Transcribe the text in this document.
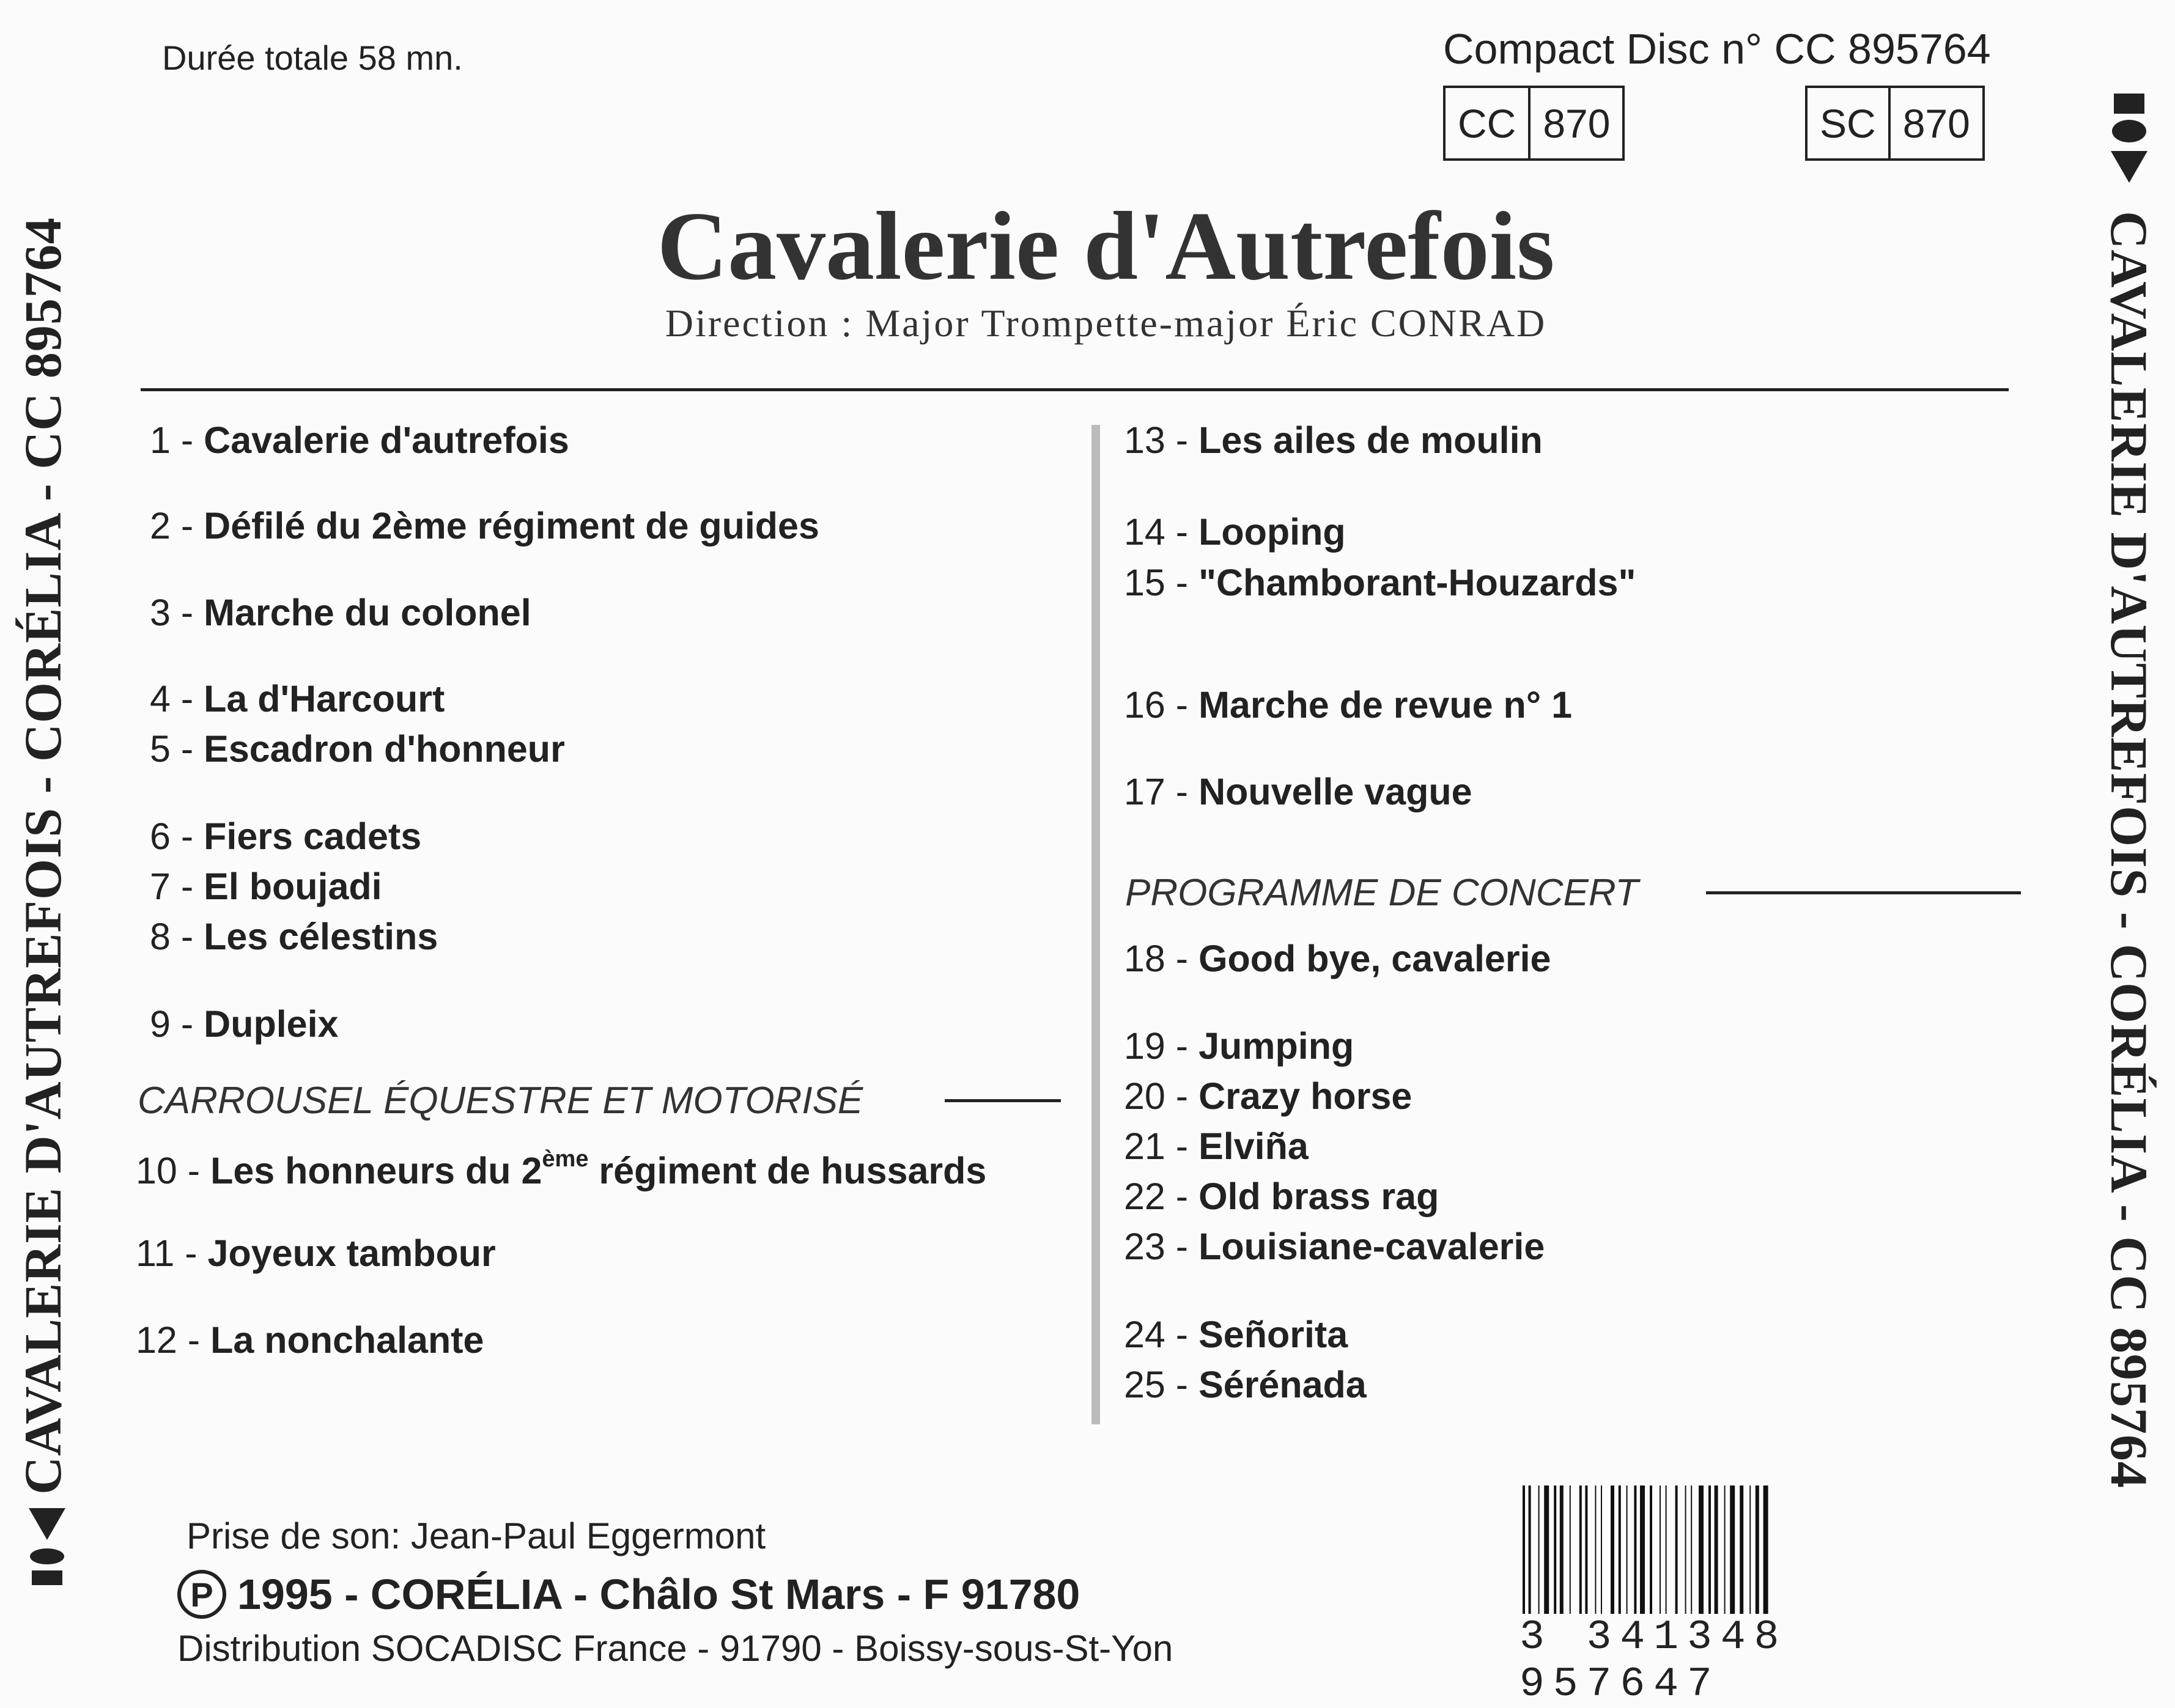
CAVALERIE D'AUTREFOIS - CORÉLIA - CC 895764	CAVALERIE D'AUTREFOIS - CORÉLIA - CC 895764
Durée totale 58 mn.	Compact Disc n° CC 895764
CC 870	SC 870
Cavalerie d'Autrefois
Direction : Major Trompette-major Éric CONRAD
1 - Cavalerie d'autrefois
2 - Défilé du 2ème régiment de guides
3 - Marche du colonel
4 - La d'Harcourt
5 - Escadron d'honneur
6 - Fiers cadets
7 - El boujadi
8 - Les célestins
9 - Dupleix
CARROUSEL ÉQUESTRE ET MOTORISÉ
10 - Les honneurs du 2ème régiment de hussards
11 - Joyeux tambour
12 - La nonchalante
13 - Les ailes de moulin
14 - Looping
15 - "Chamborant-Houzards"
16 - Marche de revue n° 1
17 - Nouvelle vague
PROGRAMME DE CONCERT
18 - Good bye, cavalerie
19 - Jumping
20 - Crazy horse
21 - Elviña
22 - Old brass rag
23 - Louisiane-cavalerie
24 - Señorita
25 - Sérénada
Prise de son: Jean-Paul Eggermont
P 1995 - CORÉLIA - Châlo St Mars - F 91780
Distribution SOCADISC France - 91790 - Boissy-sous-St-Yon	3 341348 957647
